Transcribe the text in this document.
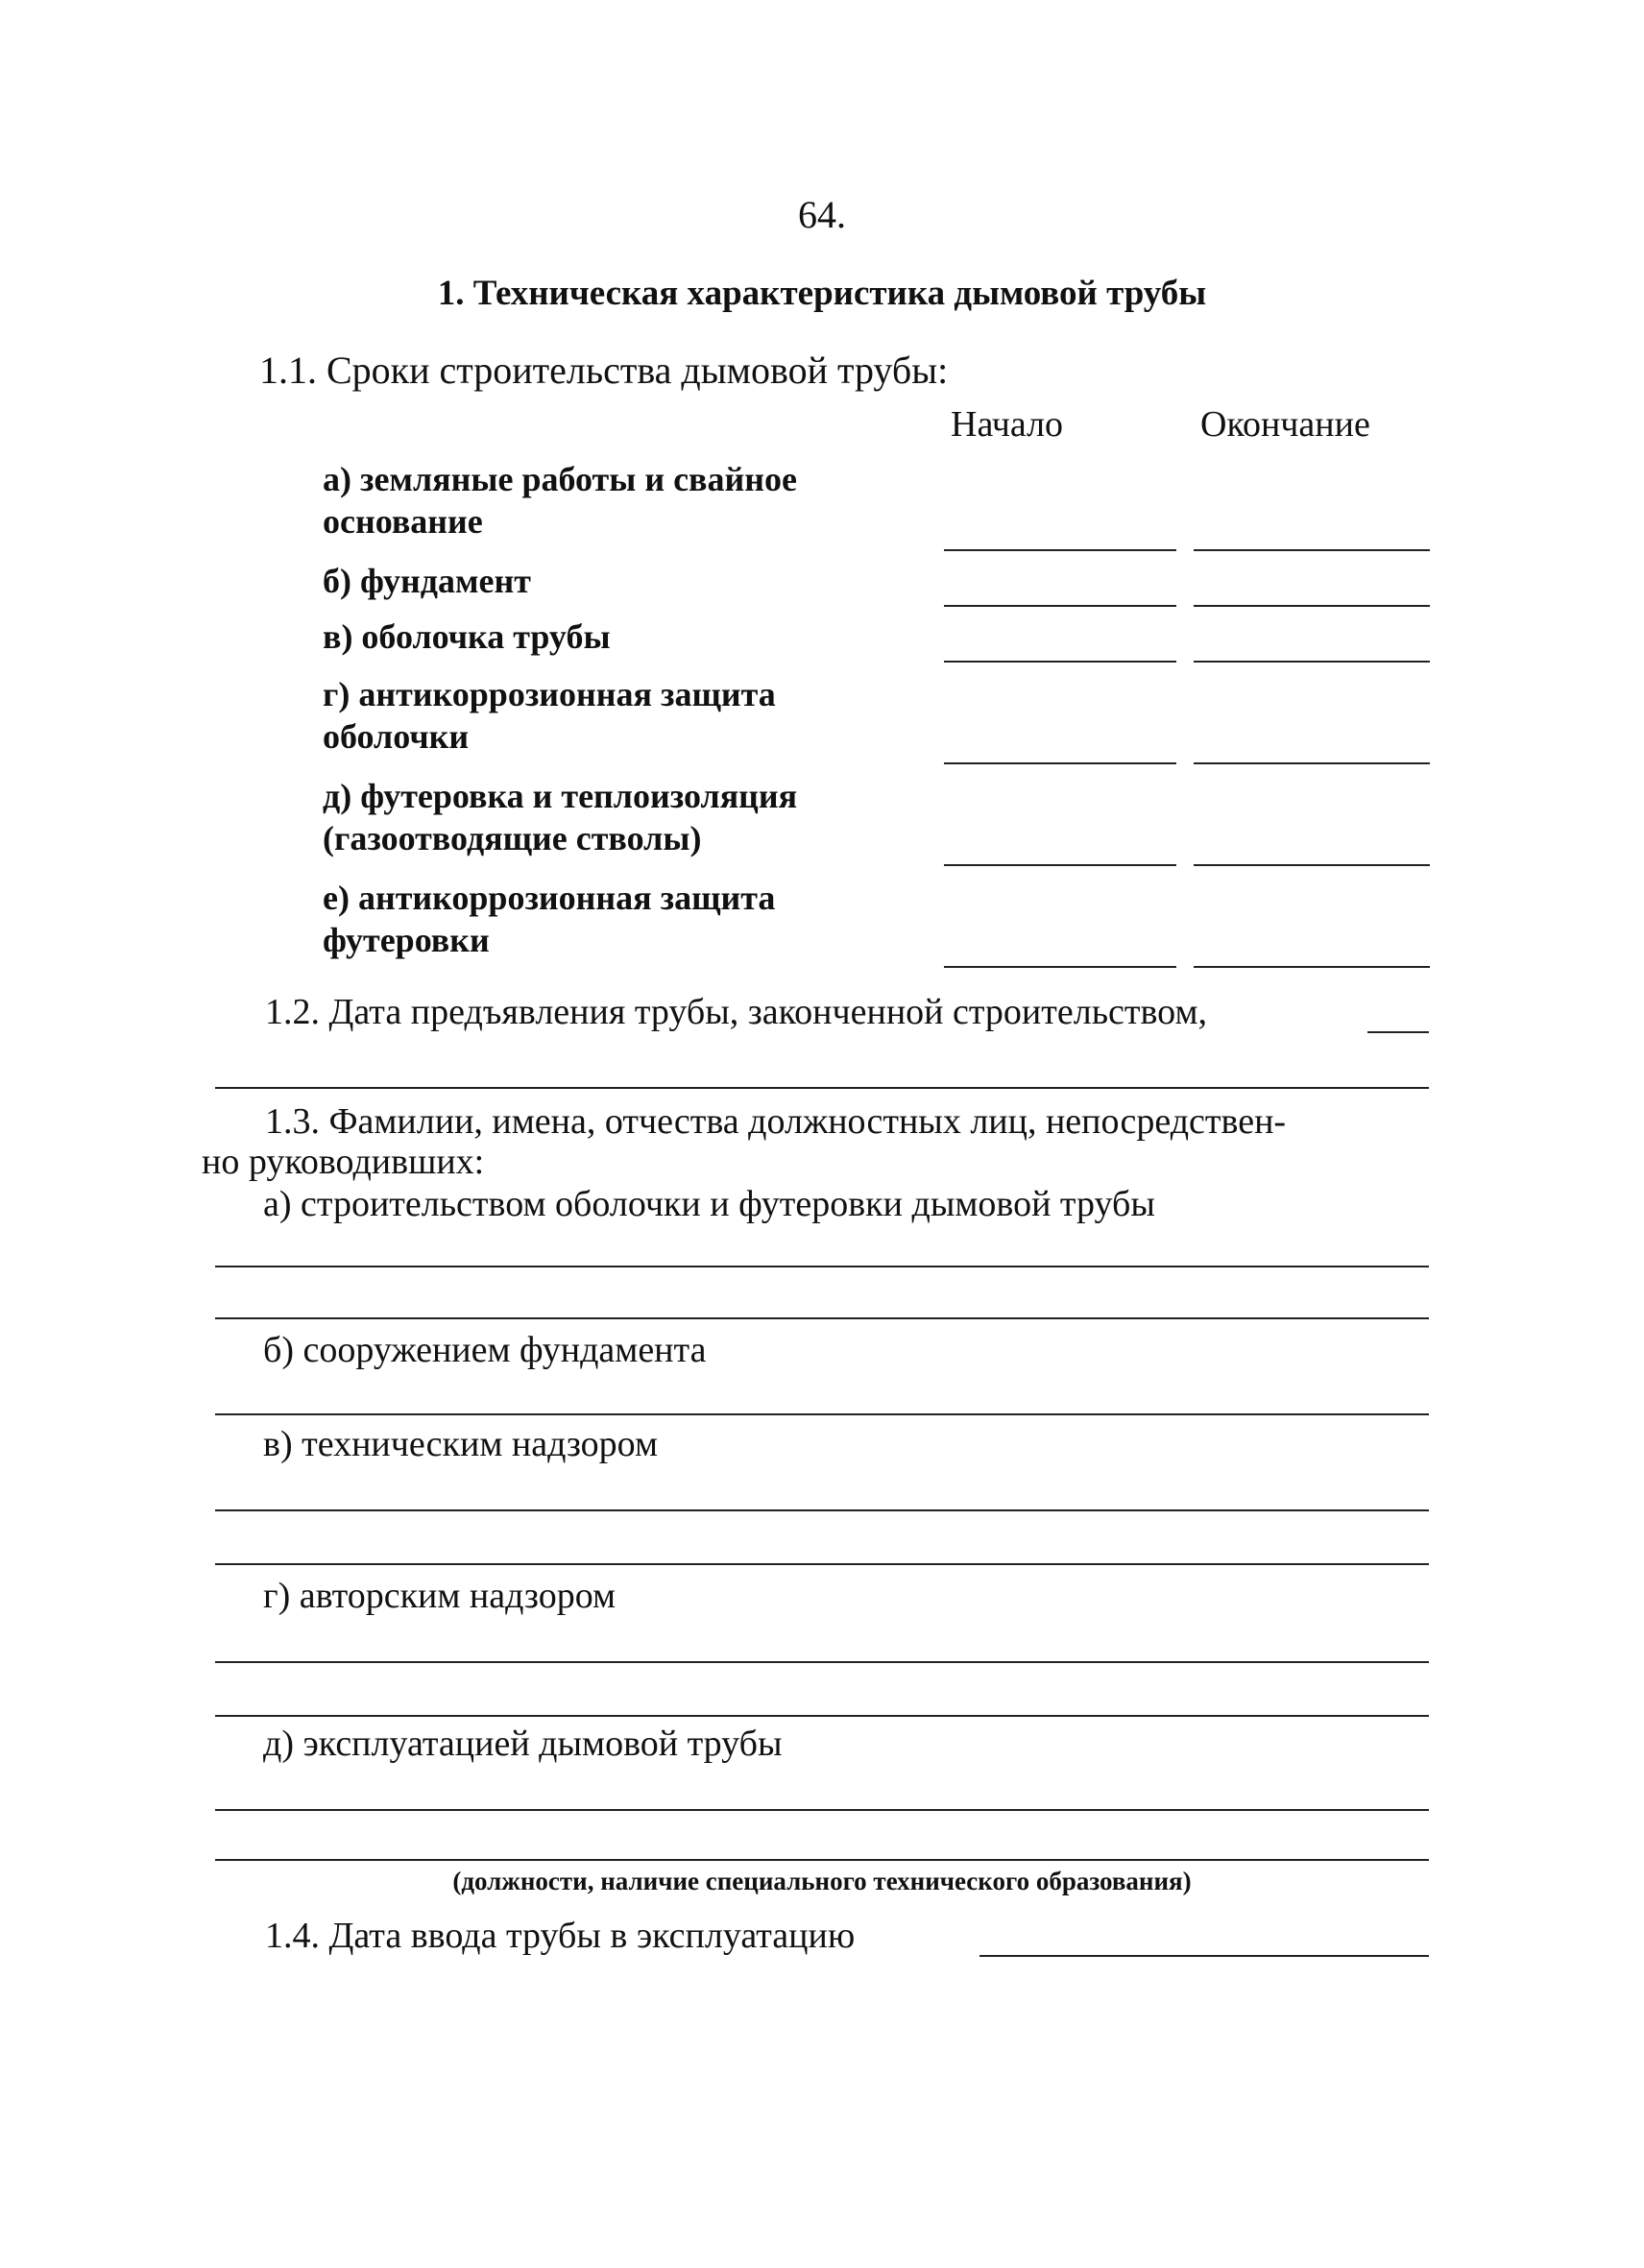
64.
1. Техническая характеристика дымовой трубы
1.1. Сроки строительства дымовой трубы:
Начало	Окончание
а) земляные работы и свайное
основание
б) фундамент
в) оболочка трубы
г) антикоррозионная защита
оболочки
д) футеровка и теплоизоляция
(газоотводящие стволы)
е) антикоррозионная защита
футеровки
1.2. Дата предъявления трубы, законченной строительством,
1.3. Фамилии, имена, отчества должностных лиц, непосредствен-
но руководивших:
а) строительством оболочки и футеровки дымовой трубы
б) сооружением фундамента
в) техническим надзором
г) авторским надзором
д) эксплуатацией дымовой трубы
(должности, наличие специального технического образования)
1.4. Дата ввода трубы в эксплуатацию
